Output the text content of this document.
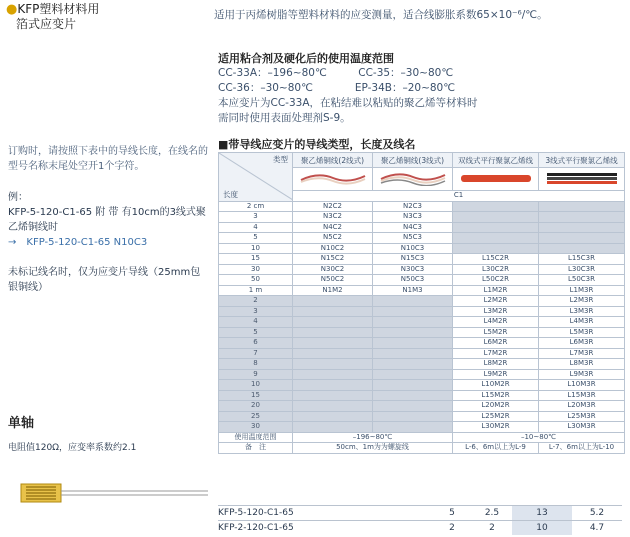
●KFP塑料材料用
箔式应变片
适用于丙烯树脂等塑料材料的应变测量，适合线膨胀系数65×10⁻⁶/℃。
适用粘合剂及硬化后的使用温度范围
CC-33A：–196~80℃　　　CC-35：–30~80℃
CC-36：–30~80℃　　　　EP-34B：–20~80℃
本应变片为CC-33A，在粘结难以粘贴的聚乙烯等材料时
需同时使用表面处理剂S-9。
订购时，请按照下表中的导线长度，在线名的型号名称末尾处空开1个字符。
例：
KFP-5-120-C1-65 附 带 有10cm的3线式聚乙烯铜线时
→　 KFP-5-120-C1-65 N10C3
未标记线名时，仅为应变片导线（25mm包银铜线）
单轴
电阻值120Ω，应变率系数约2.1
■带导线应变片的导线类型，长度及线名
类型
长度	聚乙烯铜线(2线式)	聚乙烯铜线(3线式)	双线式平行聚氯乙烯线	3线式平行聚氯乙烯线

	C1			
2 cm	N2C2	N2C3		
3	N3C2	N3C3		
4	N4C2	N4C3		
5	N5C2	N5C3		
10	N10C2	N10C3		
15	N15C2	N15C3	L15C2R	L15C3R
30	N30C2	N30C3	L30C2R	L30C3R
50	N50C2	N50C3	L50C2R	L50C3R
1 m	N1M2	N1M3	L1M2R	L1M3R
2			L2M2R	L2M3R
3			L3M2R	L3M3R
4			L4M2R	L4M3R
5			L5M2R	L5M3R
6			L6M2R	L6M3R
7			L7M2R	L7M3R
8			L8M2R	L8M3R
9			L9M2R	L9M3R
10			L10M2R	L10M3R
15			L15M2R	L15M3R
20			L20M2R	L20M3R
25			L25M2R	L25M3R
30			L30M2R	L30M3R
使用温度范围	–196~80℃		–10~80℃	
备　注	50cm、1m为为螺旋线		L-6、6m以上为L-9	L-7、6m以上为L-10
KFP-5-120-C1-65		5	2.5	13	5.2
KFP-2-120-C1-65		2	2	10	4.7
